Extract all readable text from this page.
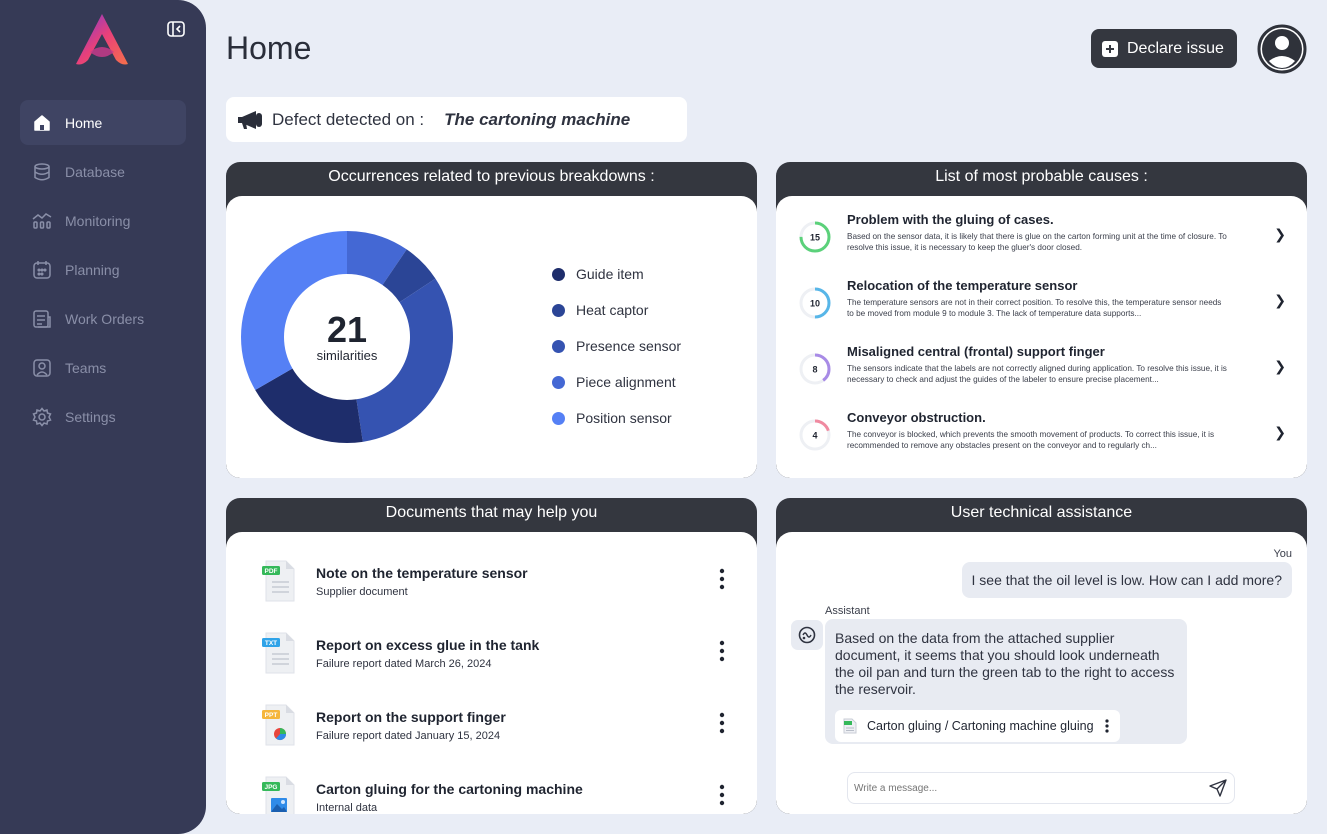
Home
Database
Monitoring
Planning
Work Orders
Teams
Settings
Home	Declare issue
Defect detected on : The cartoning machine
Occurrences related to previous breakdowns :
21
similarities
Guide item
Heat captor
Presence sensor
Piece alignment
Position sensor
List of most probable causes :
15
Problem with the gluing of cases.
Based on the sensor data, it is likely that there is glue on the carton forming unit at the time of closure. To resolve this issue, it is necessary to keep the gluer's door closed.
❯
10
Relocation of the temperature sensor
The temperature sensors are not in their correct position. To resolve this, the temperature sensor needs to be moved from module 9 to module 3. The lack of temperature data supports...
❯
8
Misaligned central (frontal) support finger
The sensors indicate that the labels are not correctly aligned during application. To resolve this issue, it is necessary to check and adjust the guides of the labeler to ensure precise placement...
❯
4
Conveyor obstruction.
The conveyor is blocked, which prevents the smooth movement of products. To correct this issue, it is recommended to remove any obstacles present on the conveyor and to regularly ch...
❯
Documents that may help you
PDF	Note on the temperature sensor
Supplier document
TXT	Report on excess glue in the tank
Failure report dated March 26, 2024
PPT	Report on the support finger
Failure report dated January 15, 2024
JPG	Carton gluing for the cartoning machine
Internal data
User technical assistance
You
I see that the oil level is low. How can I add more?
Assistant
Based on the data from the attached supplier document, it seems that you should look underneath the oil pan and turn the green tab to the right to access the reservoir.
Carton gluing / Cartoning machine gluing
Write a message...
